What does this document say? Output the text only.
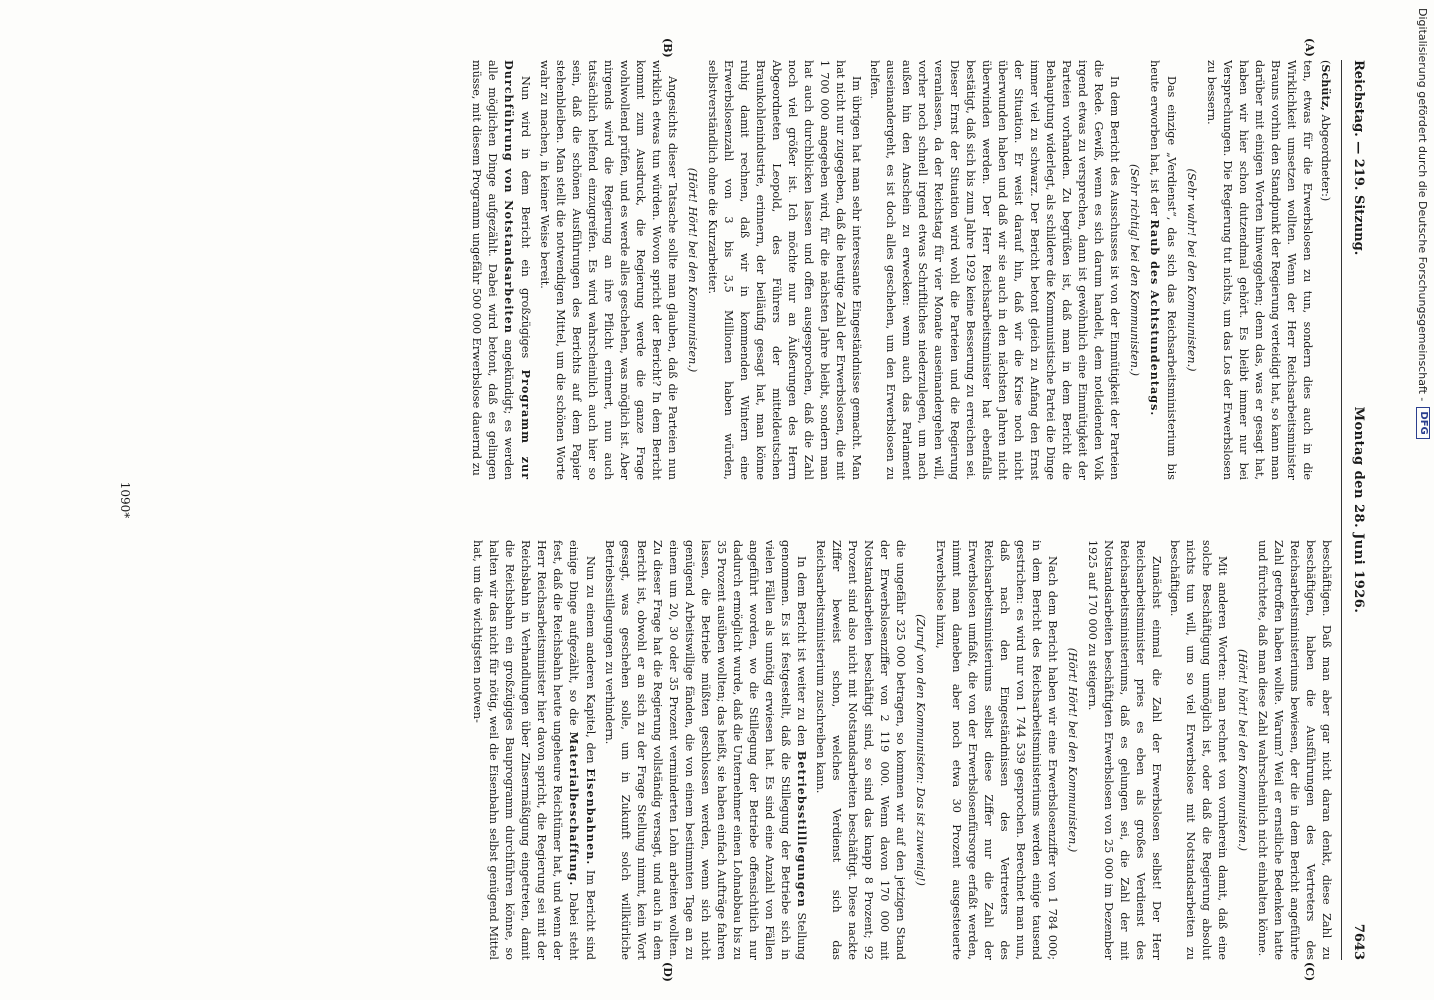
Digitalisierung gefördert durch die Deutsche Forschungsgemeinschaft -
DFG
Reichstag. — 219. Sitzung.
Montag den 28. Juni 1926.
7643
(A)
(B)
(C)
(D)

(Schütz, Abgeordneter:)

ten, etwas für die Erwerbslosen zu tun, sondern dies auch in die Wirklichkeit umsetzen wollten. Wenn der Herr Reichsarbeitsminister Brauns vorhin den Standpunkt der Regierung verteidigt hat, so kann man darüber mit einigen Worten hinweggehen; denn das, was er gesagt hat, haben wir hier schon dutzendmal gehört. Es bleibt immer nur bei Versprechungen. Die Regierung tut nichts, um das Los der Erwerbslosen zu bessern.

(Sehr wahr! bei den Kommunisten.)

Das einzige „Verdienst“, das sich das Reichsarbeitsministerium bis heute erworben hat, ist der Raub des Achtstundentags.

(Sehr richtig! bei den Kommunisten.)

In dem Bericht des Ausschusses ist von der Einmütigkeit der Parteien die Rede. Gewiß, wenn es sich darum handelt, dem notleidenden Volk irgend etwas zu versprechen, dann ist gewöhnlich eine Einmütigkeit der Parteien vorhanden. Zu begrüßen ist, daß man in dem Bericht die Behauptung widerlegt, als schildere die Kommunistische Partei die Dinge immer viel zu schwarz. Der Bericht betont gleich zu Anfang den Ernst der Situation. Er weist darauf hin, daß wir die Krise noch nicht überwunden haben und daß wir sie auch in den nächsten Jahren nicht überwinden werden. Der Herr Reichsarbeitsminister hat ebenfalls bestätigt, daß sich bis zum Jahre 1929 keine Besserung zu erreichen sei. Dieser Ernst der Situation wird wohl die Parteien und die Regierung veranlassen, da der Reichstag für vier Monate auseinandergehen will, vorher noch schnell irgend etwas Schriftliches niederzulegen, um nach außen hin den Anschein zu erwecken: wenn auch das Parlament auseinandergeht, es ist doch alles geschehen, um den Erwerbslosen zu helfen.

Im übrigen hat man sehr interessante Eingeständnisse gemacht. Man hat nicht nur zugegeben, daß die heutige Zahl der Erwerbslosen, die mit 1 700 000 angegeben wird, für die nächsten Jahre bleibt, sondern man hat auch durchblicken lassen und offen ausgesprochen, daß die Zahl noch viel größer ist. Ich möchte nur an Äußerungen des Herrn Abgeordneten Leopold, des Führers der mitteldeutschen Braunkohlenindustrie, erinnern, der beiläufig gesagt hat, man könne ruhig damit rechnen, daß wir in kommenden Wintern eine Erwerbslosenzahl von 3 bis 3,5 Millionen haben würden, selbstverständlich ohne die Kurzarbeiter.

(Hört! Hört! bei den Kommunisten.)

Angesichts dieser Tatsache sollte man glauben, daß die Parteien nun wirklich etwas tun würden. Wovon spricht der Bericht? In dem Bericht kommt zum Ausdruck, die Regierung werde die ganze Frage wohlwollend prüfen, und es werde alles geschehen, was möglich ist. Aber nirgends wird die Regierung an ihre Pflicht erinnert, nun auch tatsächlich helfend einzugreifen. Es wird wahrscheinlich auch hier so sein, daß die schönen Ausführungen des Berichts auf dem Papier stehenbleiben. Man stellt die notwendigen Mittel, um die schönen Worte wahr zu machen, in keiner Weise bereit.

Nun wird in dem Bericht ein großzügiges Programm zur Durchführung von Notstandsarbeiten angekündigt; es werden alle möglichen Dinge aufgezählt. Dabei wird betont, daß es gelingen müsse, mit diesem Programm ungefähr 500 000 Erwerbslose dauernd zu

beschäftigen. Daß man aber gar nicht daran denkt, diese Zahl zu beschäftigen, haben die Ausführungen des Vertreters des Reichsarbeitsministeriums bewiesen, der die in dem Bericht angeführte Zahl getroffen haben wollte. Warum? Weil er ernstliche Bedenken hatte und fürchtete, daß man diese Zahl wahrscheinlich nicht einhalten könne.

(Hört! hört! bei den Kommunisten.)

Mit anderen Worten: man rechnet von vornherein damit, daß eine solche Beschäftigung unmöglich ist, oder daß die Regierung absolut nichts tun will, um so viel Erwerbslose mit Notstandsarbeiten zu beschäftigen.

Zunächst einmal die Zahl der Erwerbslosen selbst! Der Herr Reichsarbeitsminister pries es eben als großes Verdienst des Reichsarbeitsministeriums, daß es gelungen sei, die Zahl der mit Notstandsarbeiten beschäftigten Erwerbslosen von 25 000 im Dezember 1925 auf 170 000 zu steigern.

(Hört! Hört! bei den Kommunisten.)

Nach dem Bericht haben wir eine Erwerbslosenziffer von 1 784 000; in dem Bericht des Reichsarbeitsministeriums werden einige tausend gestrichen: es wird nur von 1 744 539 gesprochen. Berechnet man nun, daß nach den Eingeständnissen des Vertreters des Reichsarbeitsministeriums selbst diese Ziffer nur die Zahl der Erwerbslosen umfaßt, die von der Erwerbslosenfürsorge erfaßt werden, nimmt man daneben aber noch etwa 30 Prozent ausgesteuerte Erwerbslose hinzu,

(Zuruf von den Kommunisten: Das ist zuwenig!)

die ungefähr 325 000 betragen, so kommen wir auf den jetzigen Stand der Erwerbslosenziffer von 2 119 000. Wenn davon 170 000 mit Notstandsarbeiten beschäftigt sind, so sind das knapp 8 Prozent; 92 Prozent sind also nicht mit Notstandsarbeiten beschäftigt. Diese nackte Ziffer beweist schon, welches Verdienst sich das Reichsarbeitsministerium zuschreiben kann.

In dem Bericht ist weiter zu den Betriebsstilllegungen Stellung genommen. Es ist festgestellt, daß die Stillegung der Betriebe sich in vielen Fällen als unnötig erwiesen hat. Es sind eine Anzahl von Fällen angeführt worden, wo die Stillegung der Betriebe offensichtlich nur dadurch ermöglicht wurde, daß die Unternehmer einen Lohnabbau bis zu 35 Prozent ausüben wollten; das heißt, sie haben einfach Aufträge fahren lassen, die Betriebe müßten geschlossen werden, wenn sich nicht genügend Arbeitswillige fänden, die von einem bestimmten Tage an zu einem um 20, 30 oder 35 Prozent verminderten Lohn arbeiten wollten. Zu dieser Frage hat die Regierung vollständig versagt, und auch in dem Bericht ist, obwohl er an sich zu der Frage Stellung nimmt, kein Wort gesagt, was geschehen solle, um in Zukunft solch willkürliche Betriebsstillegungen zu verhindern.

Nun zu einem anderen Kapitel, den Eisenbahnen. Im Bericht sind einige Dinge aufgezählt, so die Materialbeschaffung. Dabei steht fest, daß die Reichsbahn heute ungeheure Reichtümer hat, und wenn der Herr Reichsarbeitsminister hier davon spricht, die Regierung sei mit der Reichsbahn in Verhandlungen über Zinsermäßigung eingetreten, damit die Reichsbahn ein großzügiges Bauprogramm durchführen könne, so halten wir das nicht für nötig, weil die Eisenbahn selbst genügend Mittel hat, um die wichtigsten notwen-

1090*
